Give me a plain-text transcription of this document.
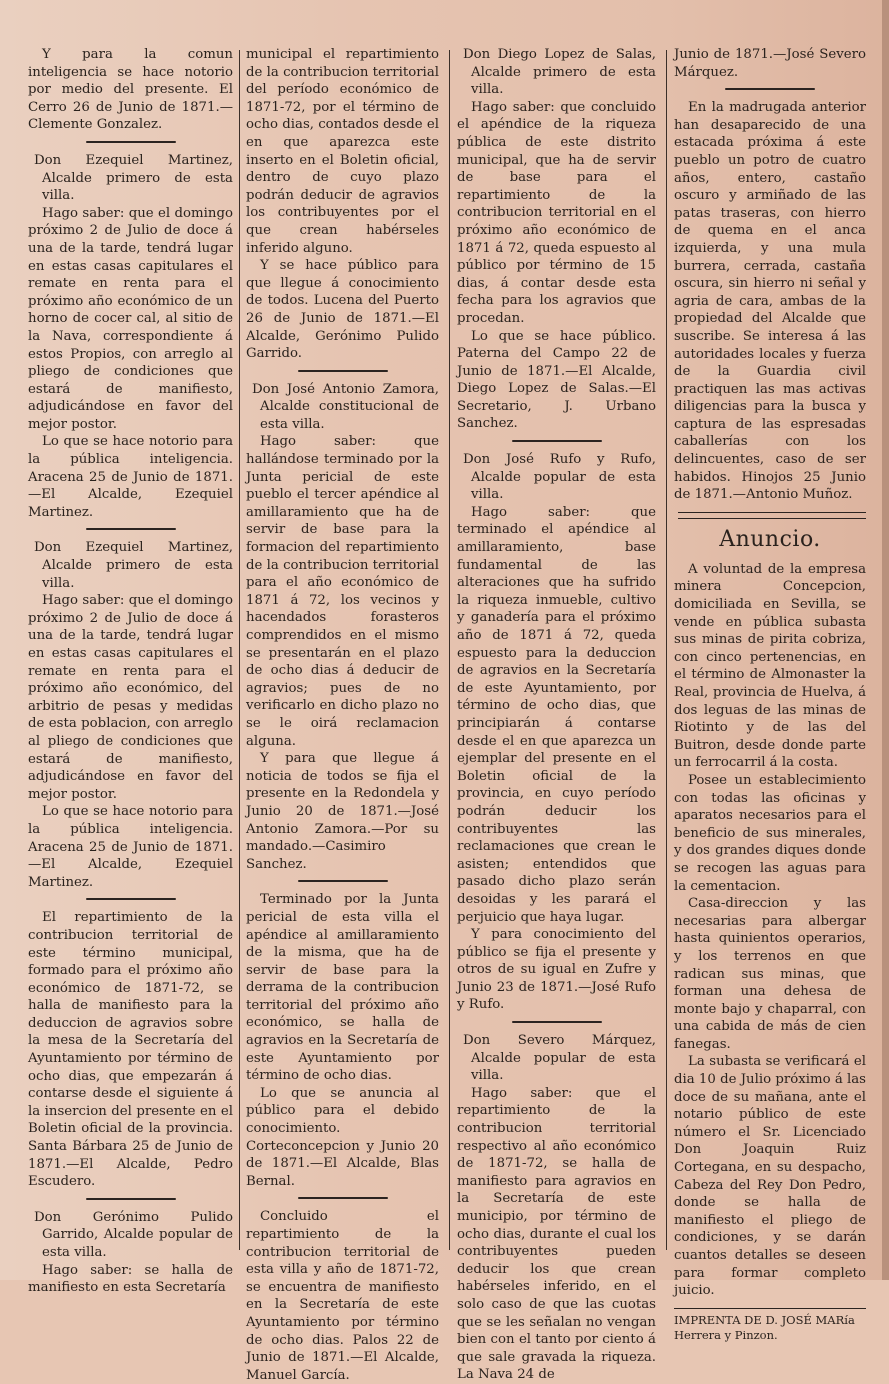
Y para la comun inteligencia se hace notorio por medio del presente. El Cerro 26 de Junio de 1871.—Clemente Gonzalez.

Don Ezequiel Martinez, Alcalde primero de esta villa.

Hago saber: que el domingo próximo 2 de Julio de doce á una de la tarde, tendrá lugar en estas casas capitulares el remate en renta para el próximo año económico de un horno de cocer cal, al sitio de la Nava, correspondiente á estos Propios, con arreglo al pliego de condiciones que estará de manifiesto, adjudicándose en favor del mejor postor.

Lo que se hace notorio para la pública inteligencia. Aracena 25 de Junio de 1871. —El Alcalde, Ezequiel Martinez.

Don Ezequiel Martinez, Alcalde primero de esta villa.

Hago saber: que el domingo próximo 2 de Julio de doce á una de la tarde, tendrá lugar en estas casas capitulares el remate en renta para el próximo año económico, del arbitrio de pesas y medidas de esta poblacion, con arreglo al pliego de condiciones que estará de manifiesto, adjudicándose en favor del mejor postor.

Lo que se hace notorio para la pública inteligencia. Aracena 25 de Junio de 1871. —El Alcalde, Ezequiel Martinez.

El repartimiento de la contribucion territorial de este término municipal, formado para el próximo año económico de 1871-72, se halla de manifiesto para la deduccion de agravios sobre la mesa de la Secretaría del Ayuntamiento por término de ocho dias, que empezarán á contarse desde el siguiente á la insercion del presente en el Boletin oficial de la provincia. Santa Bárbara 25 de Junio de 1871.—El Alcalde, Pedro Escudero.

Don Gerónimo Pulido Garrido, Alcalde popular de esta villa.

Hago saber: se halla de manifiesto en esta Secretaría

municipal el repartimiento de la contribucion territorial del período económico de 1871-72, por el término de ocho dias, contados desde el en que aparezca este inserto en el Boletin oficial, dentro de cuyo plazo podrán deducir de agravios los contribuyentes por el que crean habérseles inferido alguno.

Y se hace público para que llegue á conocimiento de todos. Lucena del Puerto 26 de Junio de 1871.—El Alcalde, Gerónimo Pulido Garrido.

Don José Antonio Zamora, Alcalde constitucional de esta villa.

Hago saber: que hallándose terminado por la Junta pericial de este pueblo el tercer apéndice al amillaramiento que ha de servir de base para la formacion del repartimiento de la contribucion territorial para el año económico de 1871 á 72, los vecinos y hacendados forasteros comprendidos en el mismo se presentarán en el plazo de ocho dias á deducir de agravios; pues de no verificarlo en dicho plazo no se le oirá reclamacion alguna.

Y para que llegue á noticia de todos se fija el presente en la Redondela y Junio 20 de 1871.—José Antonio Zamora.—Por su mandado.—Casimiro Sanchez.

Terminado por la Junta pericial de esta villa el apéndice al amillaramiento de la misma, que ha de servir de base para la derrama de la contribucion territorial del próximo año económico, se halla de agravios en la Secretaría de este Ayuntamiento por término de ocho dias.

Lo que se anuncia al público para el debido conocimiento. Corteconcepcion y Junio 20 de 1871.—El Alcalde, Blas Bernal.

Concluido el repartimiento de la contribucion territorial de esta villa y año de 1871-72, se encuentra de manifiesto en la Secretaría de este Ayuntamiento por término de ocho dias. Palos 22 de Junio de 1871.—El Alcalde, Manuel García.

Don Diego Lopez de Salas, Alcalde primero de esta villa.

Hago saber: que concluido el apéndice de la riqueza pública de este distrito municipal, que ha de servir de base para el repartimiento de la contribucion territorial en el próximo año económico de 1871 á 72, queda espuesto al público por término de 15 dias, á contar desde esta fecha para los agravios que procedan.

Lo que se hace público. Paterna del Campo 22 de Junio de 1871.—El Alcalde, Diego Lopez de Salas.—El Secretario, J. Urbano Sanchez.

Don José Rufo y Rufo, Alcalde popular de esta villa.

Hago saber: que terminado el apéndice al amillaramiento, base fundamental de las alteraciones que ha sufrido la riqueza inmueble, cultivo y ganadería para el próximo año de 1871 á 72, queda espuesto para la deduccion de agravios en la Secretaría de este Ayuntamiento, por término de ocho dias, que principiarán á contarse desde el en que aparezca un ejemplar del presente en el Boletin oficial de la provincia, en cuyo período podrán deducir los contribuyentes las reclamaciones que crean le asisten; entendidos que pasado dicho plazo serán desoidas y les parará el perjuicio que haya lugar.

Y para conocimiento del público se fija el presente y otros de su igual en Zufre y Junio 23 de 1871.—José Rufo y Rufo.

Don Severo Márquez, Alcalde popular de esta villa.

Hago saber: que el repartimiento de la contribucion territorial respectivo al año económico de 1871-72, se halla de manifiesto para agravios en la Secretaría de este municipio, por término de ocho dias, durante el cual los contribuyentes pueden deducir los que crean habérseles inferido, en el solo caso de que las cuotas que se les señalan no vengan bien con el tanto por ciento á que sale gravada la riqueza. La Nava 24 de

Junio de 1871.—José Severo Márquez.

En la madrugada anterior han desaparecido de una estacada próxima á este pueblo un potro de cuatro años, entero, castaño oscuro y armiñado de las patas traseras, con hierro de quema en el anca izquierda, y una mula burrera, cerrada, castaña oscura, sin hierro ni señal y agria de cara, ambas de la propiedad del Alcalde que suscribe. Se interesa á las autoridades locales y fuerza de la Guardia civil practiquen las mas activas diligencias para la busca y captura de las espresadas caballerías con los delincuentes, caso de ser habidos. Hinojos 25 Junio de 1871.—Antonio Muñoz.

Anuncio.

A voluntad de la empresa minera Concepcion, domiciliada en Sevilla, se vende en pública subasta sus minas de pirita cobriza, con cinco pertenencias, en el término de Almonaster la Real, provincia de Huelva, á dos leguas de las minas de Riotinto y de las del Buitron, desde donde parte un ferrocarril á la costa.

Posee un establecimiento con todas las oficinas y aparatos necesarios para el beneficio de sus minerales, y dos grandes diques donde se recogen las aguas para la cementacion.

Casa-direccion y las necesarias para albergar hasta quinientos operarios, y los terrenos en que radican sus minas, que forman una dehesa de monte bajo y chaparral, con una cabida de más de cien fanegas.

La subasta se verificará el dia 10 de Julio próximo á las doce de su mañana, ante el notario público de este número el Sr. Licenciado Don Joaquin Ruiz Cortegana, en su despacho, Cabeza del Rey Don Pedro, donde se halla de manifiesto el pliego de condiciones, y se darán cuantos detalles se deseen para formar completo juicio.

IMPRENTA DE D. JOSÉ MARía Herrera y Pinzon.
